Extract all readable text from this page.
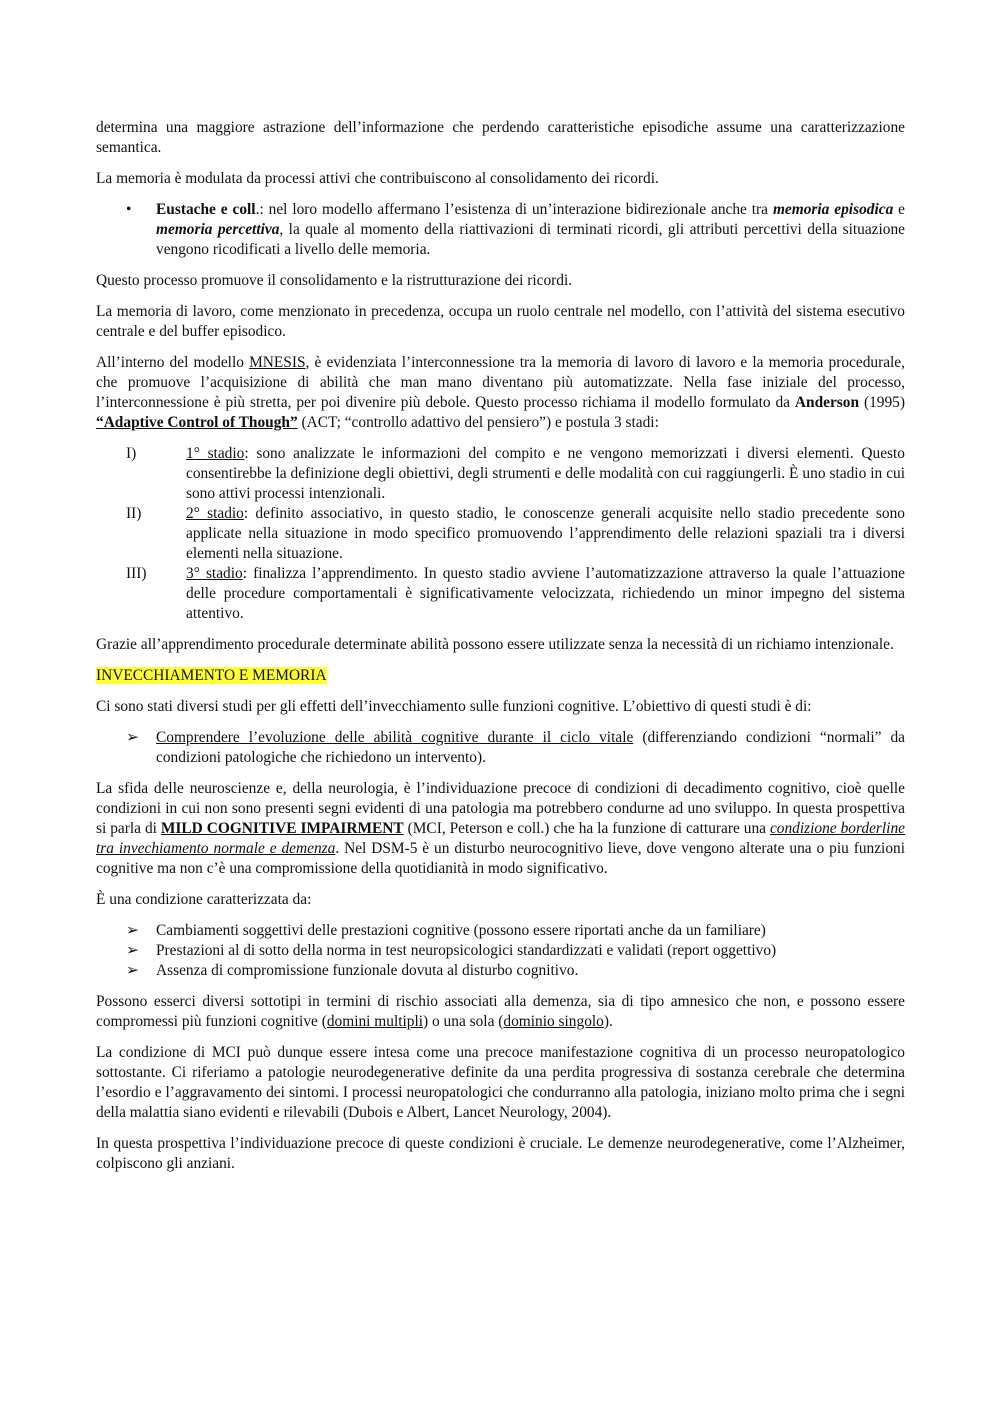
determina una maggiore astrazione dell’informazione che perdendo caratteristiche episodiche assume una caratterizzazione semantica.

La memoria è modulata da processi attivi che contribuiscono al consolidamento dei ricordi.

•	Eustache e coll.: nel loro modello affermano l’esistenza di un’interazione bidirezionale anche tra memoria episodica e memoria percettiva, la quale al momento della riattivazioni di terminati ricordi, gli attributi percettivi della situazione vengono ricodificati a livello delle memoria.

Questo processo promuove il consolidamento e la ristrutturazione dei ricordi.

La memoria di lavoro, come menzionato in precedenza, occupa un ruolo centrale nel modello, con l’attività del sistema esecutivo centrale e del buffer episodico.

All’interno del modello MNESIS, è evidenziata l’interconnessione tra la memoria di lavoro di lavoro e la memoria procedurale, che promuove l’acquisizione di abilità che man mano diventano più automatizzate. Nella fase iniziale del processo, l’interconnessione è più stretta, per poi divenire più debole. Questo processo richiama il modello formulato da Anderson (1995) “Adaptive Control of Though” (ACT; “controllo adattivo del pensiero”) e postula 3 stadi:

I)	1° stadio: sono analizzate le informazioni del compito e ne vengono memorizzati i diversi elementi. Questo consentirebbe la definizione degli obiettivi, degli strumenti e delle modalità con cui raggiungerli. È uno stadio in cui sono attivi processi intenzionali.
II)	2° stadio: definito associativo, in questo stadio, le conoscenze generali acquisite nello stadio precedente sono applicate nella situazione in modo specifico promuovendo l’apprendimento delle relazioni spaziali tra i diversi elementi nella situazione.
III)	3° stadio: finalizza l’apprendimento. In questo stadio avviene l’automatizzazione attraverso la quale l’attuazione delle procedure comportamentali è significativamente velocizzata, richiedendo un minor impegno del sistema attentivo.

Grazie all’apprendimento procedurale determinate abilità possono essere utilizzate senza la necessità di un richiamo intenzionale.

INVECCHIAMENTO E MEMORIA

Ci sono stati diversi studi per gli effetti dell’invecchiamento sulle funzioni cognitive. L’obiettivo di questi studi è di:

➢	Comprendere l’evoluzione delle abilità cognitive durante il ciclo vitale (differenziando condizioni “normali” da condizioni patologiche che richiedono un intervento).

La sfida delle neuroscienze e, della neurologia, è l’individuazione precoce di condizioni di decadimento cognitivo, cioè quelle condizioni in cui non sono presenti segni evidenti di una patologia ma potrebbero condurne ad uno sviluppo. In questa prospettiva si parla di MILD COGNITIVE IMPAIRMENT (MCI, Peterson e coll.) che ha la funzione di catturare una condizione borderline tra invechiamento normale e demenza. Nel DSM-5 è un disturbo neurocognitivo lieve, dove vengono alterate una o piu funzioni cognitive ma non c’è una compromissione della quotidianità in modo significativo.

È una condizione caratterizzata da:

➢	Cambiamenti soggettivi delle prestazioni cognitive (possono essere riportati anche da un familiare)
➢	Prestazioni al di sotto della norma in test neuropsicologici standardizzati e validati (report oggettivo)
➢	Assenza di compromissione funzionale dovuta al disturbo cognitivo.

Possono esserci diversi sottotipi in termini di rischio associati alla demenza, sia di tipo amnesico che non, e possono essere compromessi più funzioni cognitive (domini multipli) o una sola (dominio singolo).

La condizione di MCI può dunque essere intesa come una precoce manifestazione cognitiva di un processo neuropatologico sottostante. Ci riferiamo a patologie neurodegenerative definite da una perdita progressiva di sostanza cerebrale che determina l’esordio e l’aggravamento dei sintomi. I processi neuropatologici che condurranno alla patologia, iniziano molto prima che i segni della malattia siano evidenti e rilevabili (Dubois e Albert, Lancet Neurology, 2004).

In questa prospettiva l’individuazione precoce di queste condizioni è cruciale. Le demenze neurodegenerative, come l’Alzheimer, colpiscono gli anziani.
